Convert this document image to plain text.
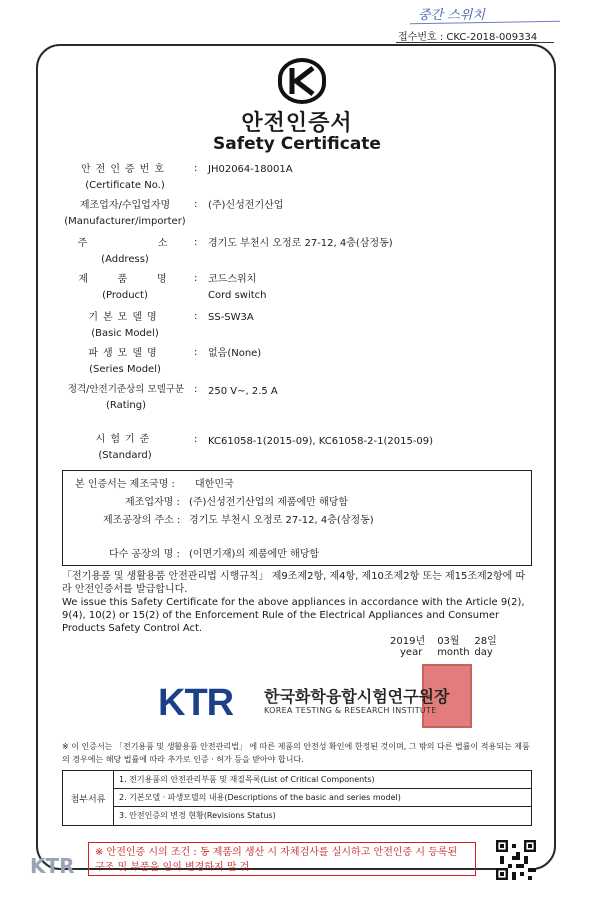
중간 스위치
접수번호 : CKC-2018-009334
안전인증서
Safety Certificate
안전인증번호
(Certificate No.)
: JH02064-18001A
제조업자/수입업자명
(Manufacturer/importer)
: (주)신성전기산업
주        소
(Address)
: 경기도 부천시 오정로 27-12, 4층(삼정동)
제   품   명
(Product)
: 코드스위치
Cord switch
기본모델명
(Basic Model)
: SS-SW3A
파생모델명
(Series Model)
: 없음(None)
정격/안전기준상의 모델구분
(Rating)
: 250 V~, 2.5 A
시험기준
(Standard)
: KC61058-1(2015-09), KC61058-2-1(2015-09)
본 인증서는 제조국명 : 대한민국
제조업자명 : (주)신성전기산업의 제품에만 해당함
제조공장의 주소 : 경기도 부천시 오정로 27-12, 4층(삼정동)
다수 공장의 명 : (이면기재)의 제품에만 해당함
「전기용품 및 생활용품 안전관리법 시행규칙」 제9조제2항, 제4항, 제10조제2항 또는 제15조제2항에 따라 안전인증서를 발급합니다.
We issue this Safety Certificate for the above appliances in accordance with the Article 9(2), 9(4), 10(2) or 15(2) of the Enforcement Rule of the Electrical Appliances and Consumer Products Safety Control Act.
2019년 03월 28일
year month day
KTR 한국화학융합시험연구원장
KOREA TESTING & RESEARCH INSTITUTE
※ 이 인증서는 「전기용품 및 생활용품 안전관리법」 에 따른 제품의 안전성 확인에 한정된 것이며, 그 밖의 다른 법률이 적용되는 제품의 경우에는 해당 법률에 따라 추가로 인증 · 허가 등을 받아야 합니다.
첨부서류
1. 전기용품의 안전관리부품 및 재질목록(List of Critical Components)
2. 기본모델 · 파생모델의 내용(Descriptions of the basic and series model)
3. 안전인증의 변경 현황(Revisions Status)
KTR
※ 안전인증 시의 조건 : 동 제품의 생산 시 자체검사를 실시하고 안전인증 시 등록된 구조 및 부품을 임의 변경하지 말 것.
